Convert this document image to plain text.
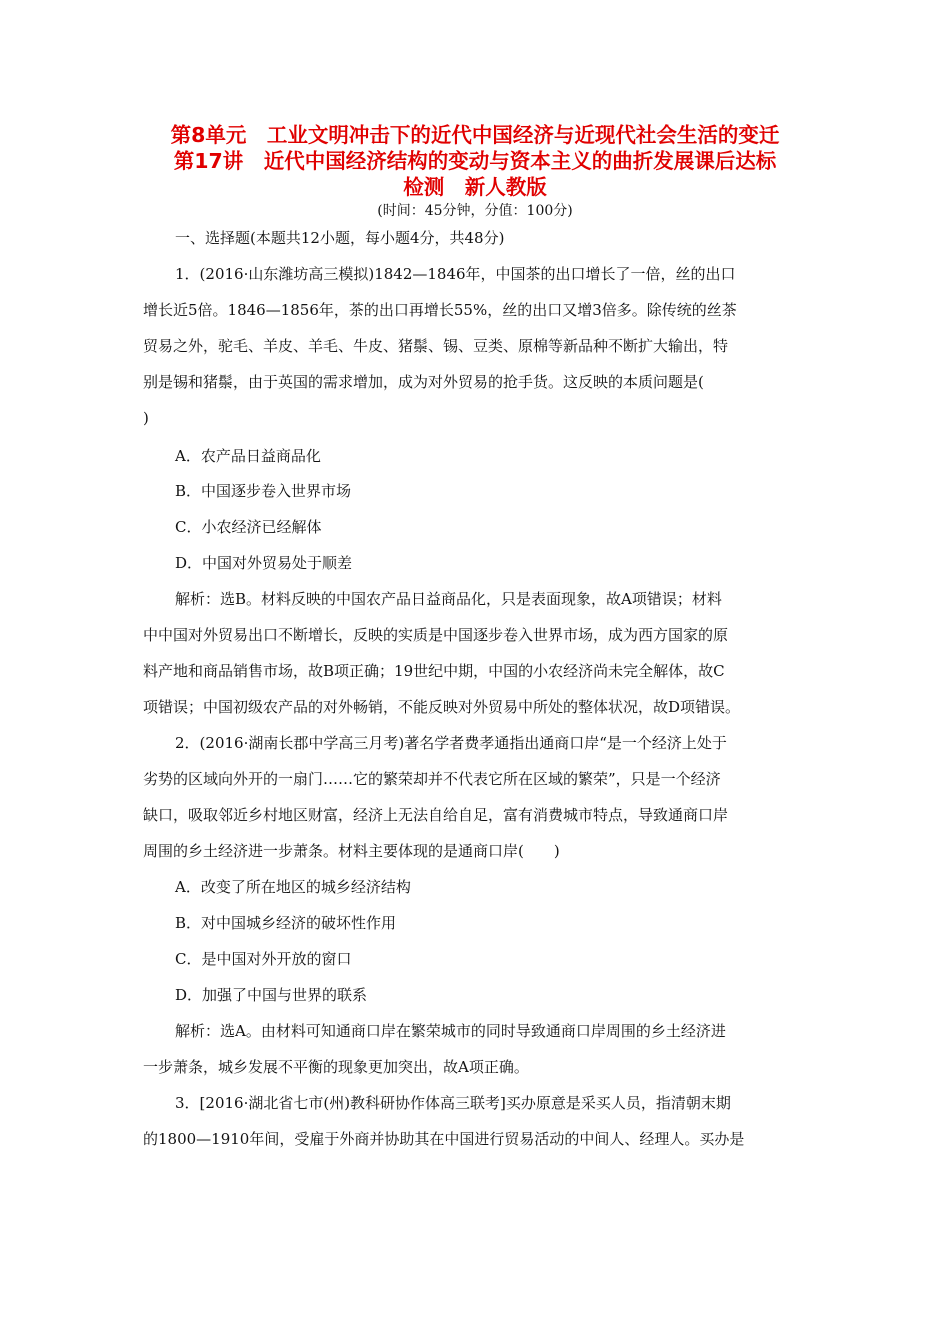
第8单元　工业文明冲击下的近代中国经济与近现代社会生活的变迁
第17讲　近代中国经济结构的变动与资本主义的曲折发展课后达标
检测　新人教版
(时间：45分钟，分值：100分)
一、选择题(本题共12小题，每小题4分，共48分)
1．(2016·山东潍坊高三模拟)1842—1846年，中国茶的出口增长了一倍，丝的出口
增长近5倍。1846—1856年，茶的出口再增长55%，丝的出口又增3倍多。除传统的丝茶
贸易之外，驼毛、羊皮、羊毛、牛皮、猪鬃、锡、豆类、原棉等新品种不断扩大输出，特
别是锡和猪鬃，由于英国的需求增加，成为对外贸易的抢手货。这反映的本质问题是(
)
A．农产品日益商品化
B．中国逐步卷入世界市场
C．小农经济已经解体
D．中国对外贸易处于顺差
解析：选B。材料反映的中国农产品日益商品化，只是表面现象，故A项错误；材料
中中国对外贸易出口不断增长，反映的实质是中国逐步卷入世界市场，成为西方国家的原
料产地和商品销售市场，故B项正确；19世纪中期，中国的小农经济尚未完全解体，故C
项错误；中国初级农产品的对外畅销，不能反映对外贸易中所处的整体状况，故D项错误。
2．(2016·湖南长郡中学高三月考)著名学者费孝通指出通商口岸“是一个经济上处于
劣势的区域向外开的一扇门……它的繁荣却并不代表它所在区域的繁荣”，只是一个经济
缺口，吸取邻近乡村地区财富，经济上无法自给自足，富有消费城市特点，导致通商口岸
周围的乡土经济进一步萧条。材料主要体现的是通商口岸(　　)
A．改变了所在地区的城乡经济结构
B．对中国城乡经济的破坏性作用
C．是中国对外开放的窗口
D．加强了中国与世界的联系
解析：选A。由材料可知通商口岸在繁荣城市的同时导致通商口岸周围的乡土经济进
一步萧条，城乡发展不平衡的现象更加突出，故A项正确。
3．[2016·湖北省七市(州)教科研协作体高三联考]买办原意是采买人员，指清朝末期
的1800—1910年间，受雇于外商并协助其在中国进行贸易活动的中间人、经理人。买办是
